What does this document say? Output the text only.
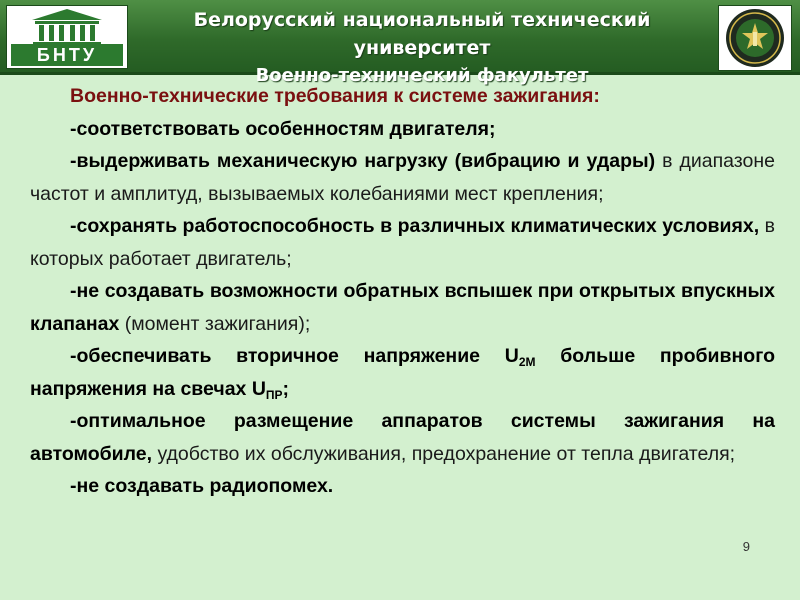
БНТУ
Белорусский национальный технический университет
Военно-технический факультет

Военно-технические требования к системе зажигания:

-соответствовать особенностям двигателя;

-выдерживать механическую нагрузку (вибрацию и удары) в диапазоне частот и амплитуд, вызываемых колебаниями мест крепления;

-сохранять работоспособность в различных климатических условиях, в которых работает двигатель;

-не создавать возможности обратных вспышек при открытых впускных клапанах (момент зажигания);

-обеспечивать вторичное напряжение $U_{2M}$ больше пробивного напряжения на свечах $U_{ПР}$;

-оптимальное размещение аппаратов системы зажигания на автомобиле, удобство их обслуживания, предохранение от тепла двигателя;

-не создавать радиопомех.

9
